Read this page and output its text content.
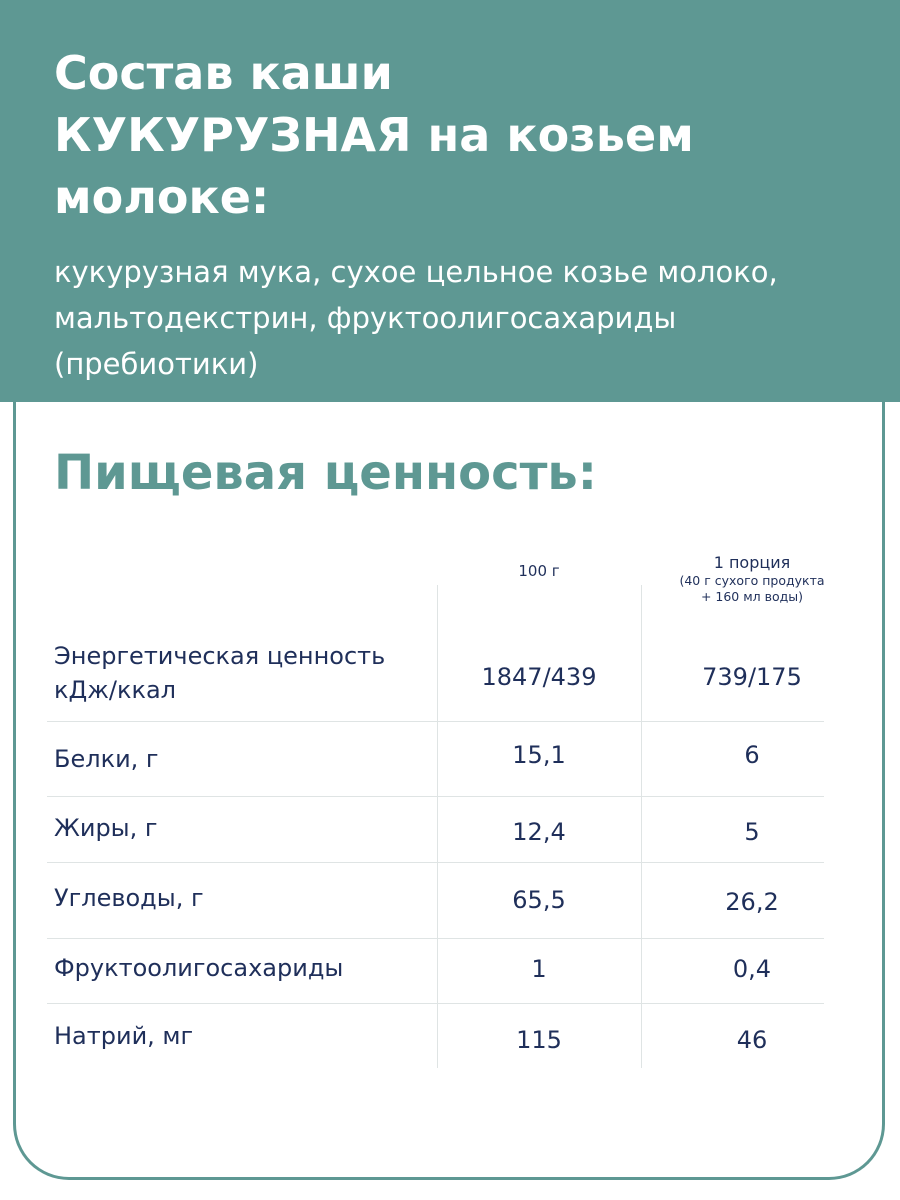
Состав каши
КУКУРУЗНАЯ на козьем
молоке:

кукурузная мука, сухое цельное козье молоко,
мальтодекстрин, фруктоолигосахариды
(пребиотики)

Пищевая ценность:
100 г	1 порция
(40 г сухого продукта
+ 160 мл воды)
Энергетическая ценность
кДж/ккал	1847/439	739/175
Белки, г	15,1	6
Жиры, г	12,4	5
Углеводы, г	65,5	26,2
Фруктоолигосахариды	1	0,4
Натрий, мг	115	46
